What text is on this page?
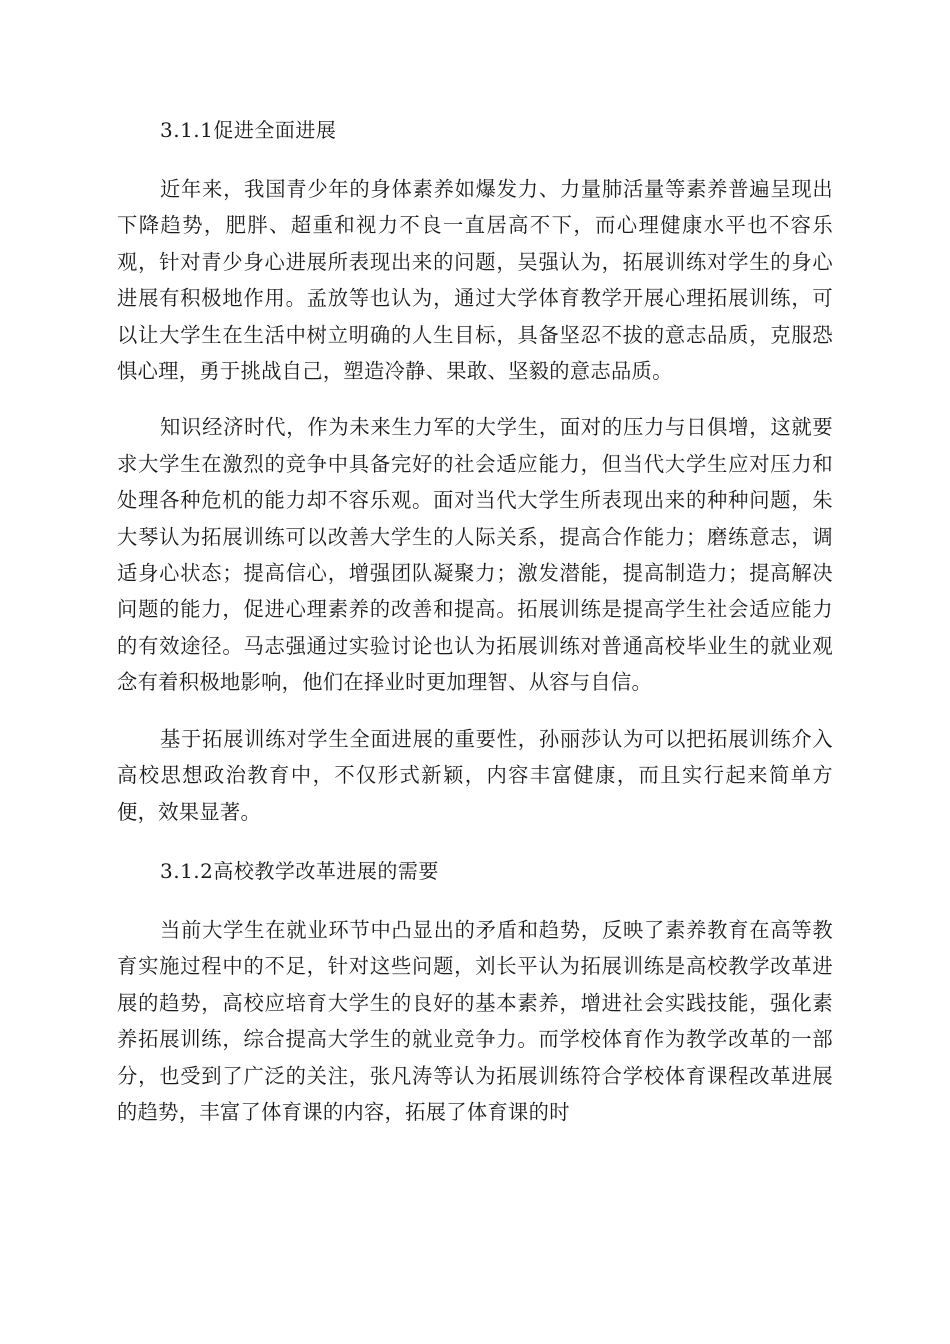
3.1.1促进全面进展

近年来，我国青少年的身体素养如爆发力、力量肺活量等素养普遍呈现出下降趋势，肥胖、超重和视力不良一直居高不下，而心理健康水平也不容乐观，针对青少身心进展所表现出来的问题，吴强认为，拓展训练对学生的身心进展有积极地作用。孟放等也认为，通过大学体育教学开展心理拓展训练，可以让大学生在生活中树立明确的人生目标，具备坚忍不拔的意志品质，克服恐惧心理，勇于挑战自己，塑造冷静、果敢、坚毅的意志品质。

知识经济时代，作为未来生力军的大学生，面对的压力与日俱增，这就要求大学生在激烈的竞争中具备完好的社会适应能力，但当代大学生应对压力和处理各种危机的能力却不容乐观。面对当代大学生所表现出来的种种问题，朱大琴认为拓展训练可以改善大学生的人际关系，提高合作能力；磨练意志，调适身心状态；提高信心，增强团队凝聚力；激发潜能，提高制造力；提高解决问题的能力，促进心理素养的改善和提高。拓展训练是提高学生社会适应能力的有效途径。马志强通过实验讨论也认为拓展训练对普通高校毕业生的就业观念有着积极地影响，他们在择业时更加理智、从容与自信。

基于拓展训练对学生全面进展的重要性，孙丽莎认为可以把拓展训练介入高校思想政治教育中，不仅形式新颖，内容丰富健康，而且实行起来简单方便，效果显著。

3.1.2高校教学改革进展的需要

当前大学生在就业环节中凸显出的矛盾和趋势，反映了素养教育在高等教育实施过程中的不足，针对这些问题，刘长平认为拓展训练是高校教学改革进展的趋势，高校应培育大学生的良好的基本素养，增进社会实践技能，强化素养拓展训练，综合提高大学生的就业竞争力。而学校体育作为教学改革的一部分，也受到了广泛的关注，张凡涛等认为拓展训练符合学校体育课程改革进展的趋势，丰富了体育课的内容，拓展了体育课的时
